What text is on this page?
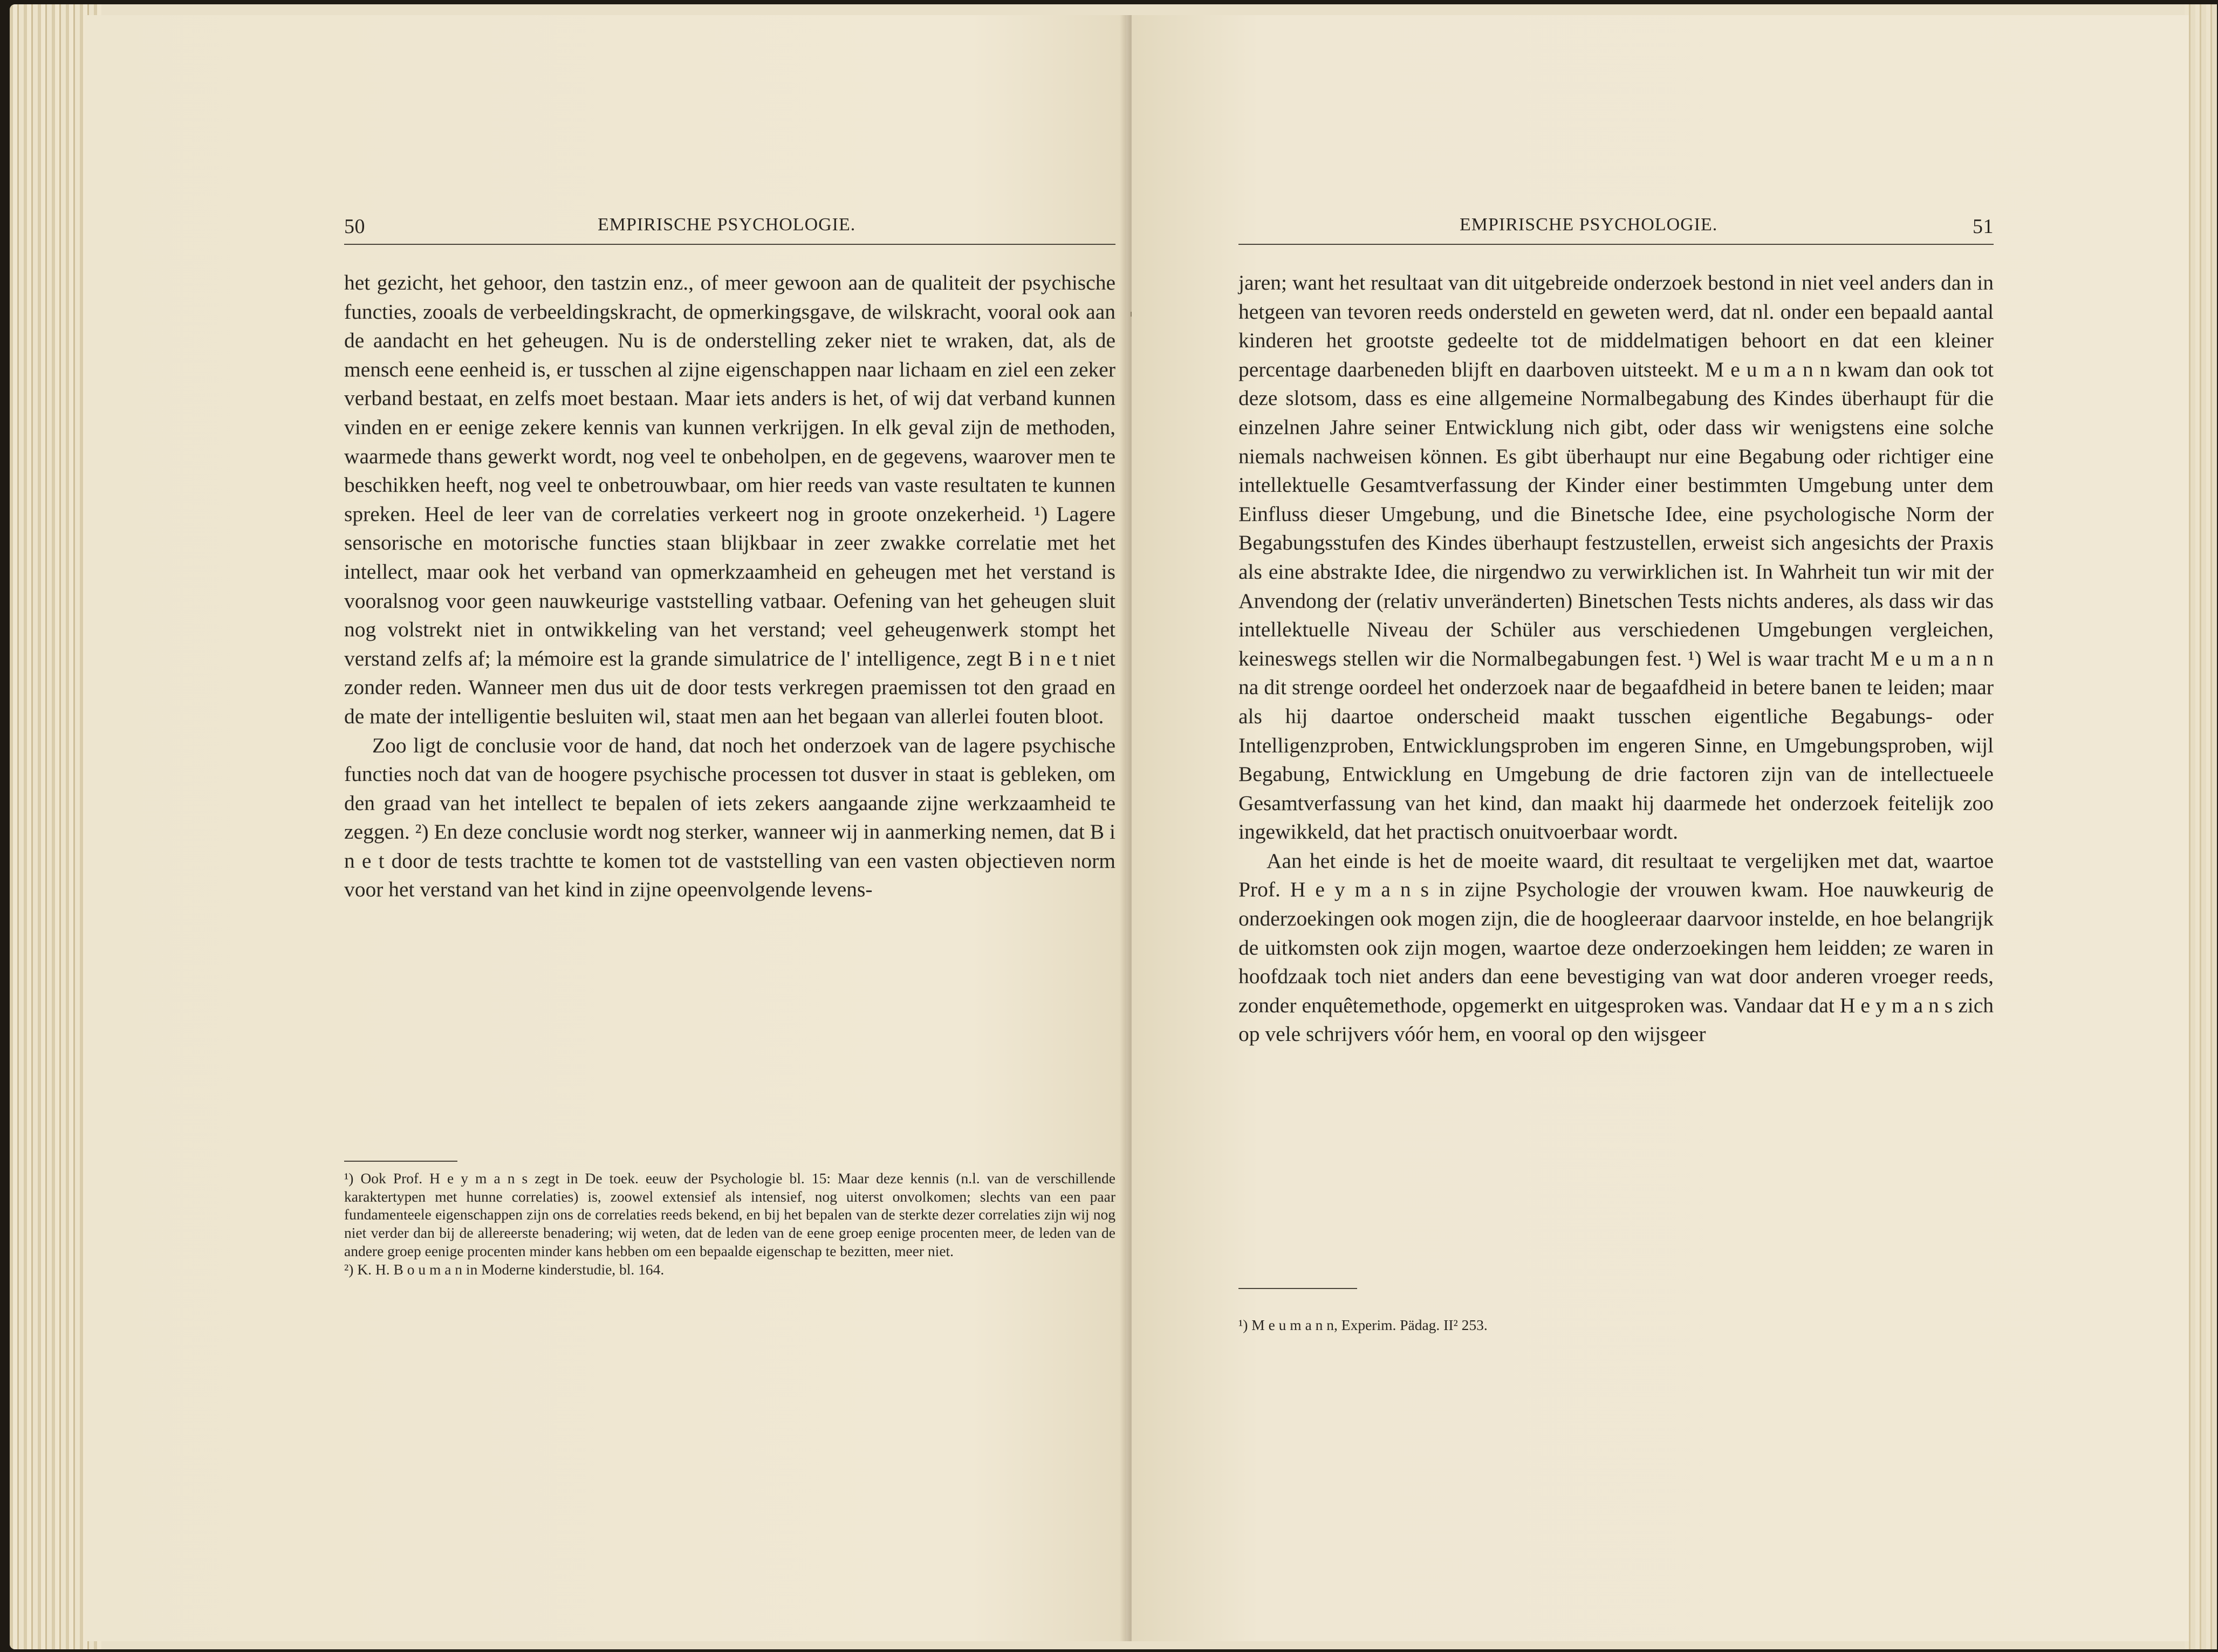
50	EMPIRISCHE PSYCHOLOGIE.

het gezicht, het gehoor, den tastzin enz., of meer gewoon aan de qualiteit der psychische functies, zooals de verbeeldingskracht, de opmerkingsgave, de wilskracht, vooral ook aan de aandacht en het geheugen. Nu is de onderstelling zeker niet te wraken, dat, als de mensch eene eenheid is, er tusschen al zijne eigenschappen naar lichaam en ziel een zeker verband bestaat, en zelfs moet bestaan. Maar iets anders is het, of wij dat verband kunnen vinden en er eenige zekere kennis van kunnen verkrijgen. In elk geval zijn de methoden, waarmede thans gewerkt wordt, nog veel te onbeholpen, en de gegevens, waarover men te beschikken heeft, nog veel te onbetrouwbaar, om hier reeds van vaste resultaten te kunnen spreken. Heel de leer van de correlaties verkeert nog in groote onzekerheid. ¹) Lagere sensorische en motorische functies staan blijkbaar in zeer zwakke correlatie met het intellect, maar ook het verband van opmerkzaamheid en geheugen met het verstand is vooralsnog voor geen nauwkeurige vaststelling vatbaar. Oefening van het geheugen sluit nog volstrekt niet in ontwikkeling van het verstand; veel geheugenwerk stompt het verstand zelfs af; la mémoire est la grande simulatrice de l' intelligence, zegt B i n e t niet zonder reden. Wanneer men dus uit de door tests verkregen praemissen tot den graad en de mate der intelligentie besluiten wil, staat men aan het begaan van allerlei fouten bloot.

Zoo ligt de conclusie voor de hand, dat noch het onderzoek van de lagere psychische functies noch dat van de hoogere psychische processen tot dusver in staat is gebleken, om den graad van het intellect te bepalen of iets zekers aangaande zijne werkzaamheid te zeggen. ²) En deze conclusie wordt nog sterker, wanneer wij in aanmerking nemen, dat B i n e t door de tests trachtte te komen tot de vaststelling van een vasten objectieven norm voor het verstand van het kind in zijne opeenvolgende levens-

¹) Ook Prof. H e y m a n s zegt in De toek. eeuw der Psychologie bl. 15: Maar deze kennis (n.l. van de verschillende karaktertypen met hunne correlaties) is, zoowel extensief als intensief, nog uiterst onvolkomen; slechts van een paar fundamenteele eigenschappen zijn ons de correlaties reeds bekend, en bij het bepalen van de sterkte dezer correlaties zijn wij nog niet verder dan bij de allereerste benadering; wij weten, dat de leden van de eene groep eenige procenten meer, de leden van de andere groep eenige procenten minder kans hebben om een bepaalde eigenschap te bezitten, meer niet.

²) K. H. B o u m a n in Moderne kinderstudie, bl. 164.

EMPIRISCHE PSYCHOLOGIE.	51

jaren; want het resultaat van dit uitgebreide onderzoek bestond in niet veel anders dan in hetgeen van tevoren reeds ondersteld en geweten werd, dat nl. onder een bepaald aantal kinderen het grootste gedeelte tot de middelmatigen behoort en dat een kleiner percentage daarbeneden blijft en daarboven uitsteekt. M e u m a n n kwam dan ook tot deze slotsom, dass es eine allgemeine Normalbegabung des Kindes überhaupt für die einzelnen Jahre seiner Entwicklung nich gibt, oder dass wir wenigstens eine solche niemals nachweisen können. Es gibt überhaupt nur eine Begabung oder richtiger eine intellektuelle Gesamtverfassung der Kinder einer bestimmten Umgebung unter dem Einfluss dieser Umgebung, und die Binetsche Idee, eine psychologische Norm der Begabungsstufen des Kindes überhaupt festzustellen, erweist sich angesichts der Praxis als eine abstrakte Idee, die nirgendwo zu verwirklichen ist. In Wahrheit tun wir mit der Anvendong der (relativ unveränderten) Binetschen Tests nichts anderes, als dass wir das intellektuelle Niveau der Schüler aus verschiedenen Umgebungen vergleichen, keineswegs stellen wir die Normalbegabungen fest. ¹) Wel is waar tracht M e u m a n n na dit strenge oordeel het onderzoek naar de begaafdheid in betere banen te leiden; maar als hij daartoe onderscheid maakt tusschen eigentliche Begabungs- oder Intelligenzproben, Entwicklungsproben im engeren Sinne, en Umgebungsproben, wijl Begabung, Entwicklung en Umgebung de drie factoren zijn van de intellectueele Gesamtverfassung van het kind, dan maakt hij daarmede het onderzoek feitelijk zoo ingewikkeld, dat het practisch onuitvoerbaar wordt.

Aan het einde is het de moeite waard, dit resultaat te vergelijken met dat, waartoe Prof. H e y m a n s in zijne Psychologie der vrouwen kwam. Hoe nauwkeurig de onderzoekingen ook mogen zijn, die de hoogleeraar daarvoor instelde, en hoe belangrijk de uitkomsten ook zijn mogen, waartoe deze onderzoekingen hem leidden; ze waren in hoofdzaak toch niet anders dan eene bevestiging van wat door anderen vroeger reeds, zonder enquêtemethode, opgemerkt en uitgesproken was. Vandaar dat H e y m a n s zich op vele schrijvers vóór hem, en vooral op den wijsgeer

¹) M e u m a n n, Experim. Pädag. II² 253.
